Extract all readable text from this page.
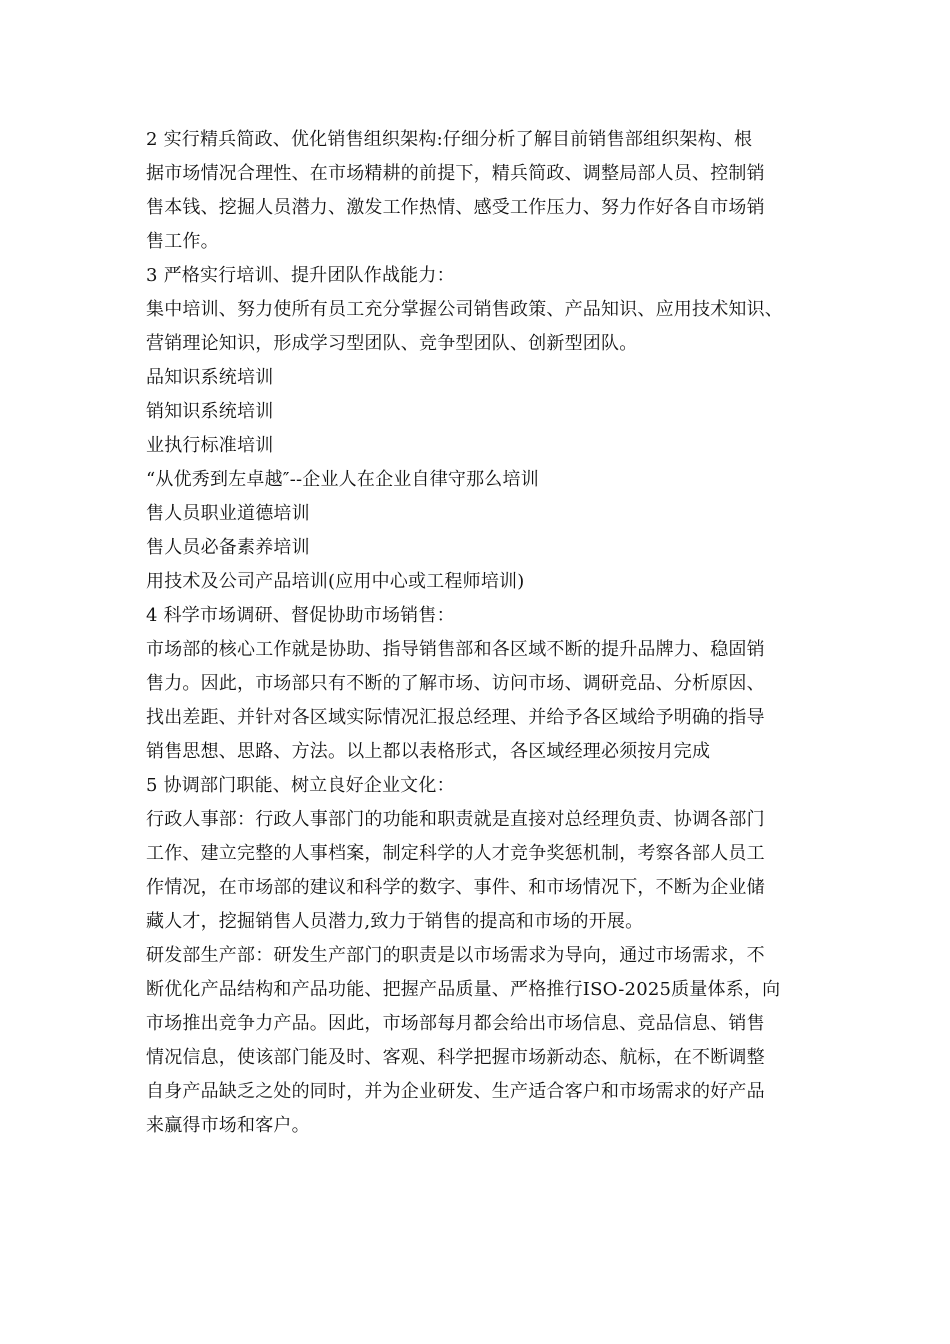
2 实行精兵简政、优化销售组织架构:仔细分析了解目前销售部组织架构、根
据市场情况合理性、在市场精耕的前提下，精兵简政、调整局部人员、控制销
售本钱、挖掘人员潜力、激发工作热情、感受工作压力、努力作好各自市场销
售工作。
3 严格实行培训、提升团队作战能力：
集中培训、努力使所有员工充分掌握公司销售政策、产品知识、应用技术知识、
营销理论知识，形成学习型团队、竞争型团队、创新型团队。
品知识系统培训
销知识系统培训
业执行标准培训
“从优秀到左卓越″--企业人在企业自律守那么培训
售人员职业道德培训
售人员必备素养培训
用技术及公司产品培训(应用中心或工程师培训)
4 科学市场调研、督促协助市场销售：
市场部的核心工作就是协助、指导销售部和各区域不断的提升品牌力、稳固销
售力。因此，市场部只有不断的了解市场、访问市场、调研竞品、分析原因、
找出差距、并针对各区域实际情况汇报总经理、并给予各区域给予明确的指导
销售思想、思路、方法。以上都以表格形式，各区域经理必须按月完成
5 协调部门职能、树立良好企业文化：
行政人事部：行政人事部门的功能和职责就是直接对总经理负责、协调各部门
工作、建立完整的人事档案，制定科学的人才竞争奖惩机制，考察各部人员工
作情况，在市场部的建议和科学的数字、事件、和市场情况下，不断为企业储
藏人才，挖掘销售人员潜力,致力于销售的提高和市场的开展。
研发部生产部：研发生产部门的职责是以市场需求为导向，通过市场需求，不
断优化产品结构和产品功能、把握产品质量、严格推行ISO-2025质量体系，向
市场推出竞争力产品。因此，市场部每月都会给出市场信息、竞品信息、销售
情况信息，使该部门能及时、客观、科学把握市场新动态、航标，在不断调整
自身产品缺乏之处的同时，并为企业研发、生产适合客户和市场需求的好产品
来赢得市场和客户。
